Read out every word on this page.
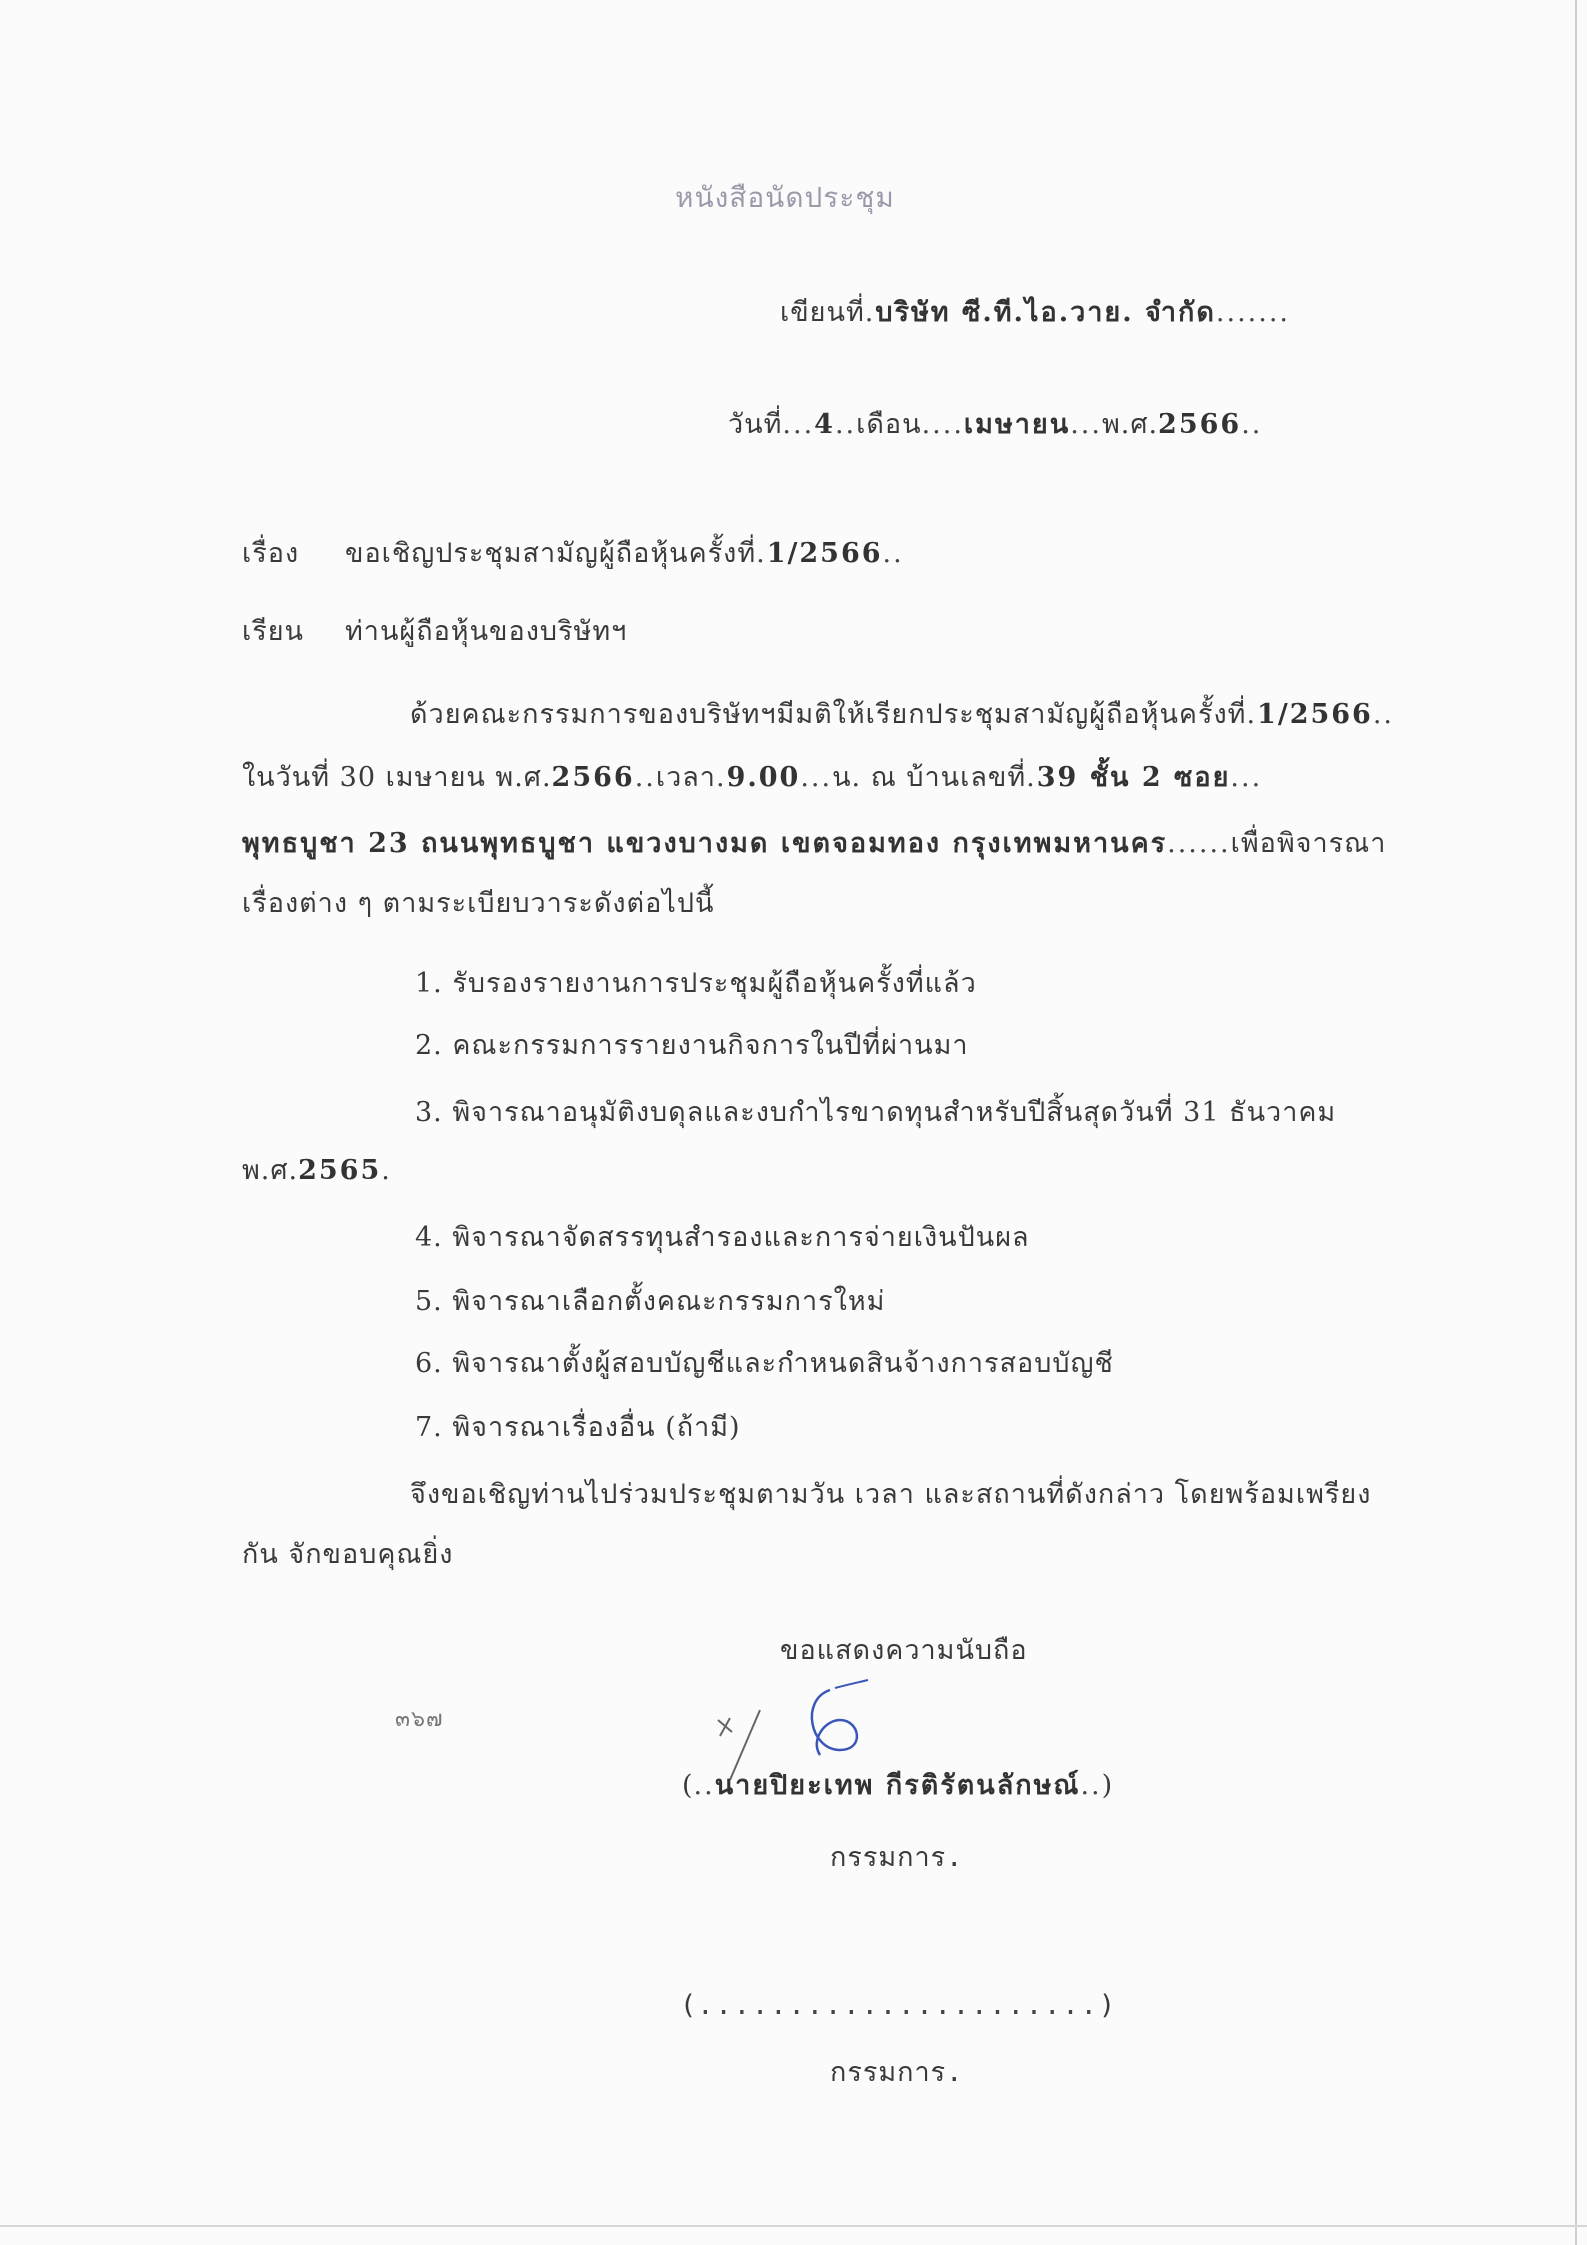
หนังสือนัดประชุม
เขียนที่.บริษัท ซี.ที.ไอ.วาย. จำกัด.......
วันที่...4..เดือน....เมษายน...พ.ศ.2566..
เรื่อง ขอเชิญประชุมสามัญผู้ถือหุ้นครั้งที่.1/2566..
เรียน ท่านผู้ถือหุ้นของบริษัทฯ
ด้วยคณะกรรมการของบริษัทฯมีมติให้เรียกประชุมสามัญผู้ถือหุ้นครั้งที่.1/2566..
ในวันที่ 30 เมษายน พ.ศ.2566..เวลา.9.00...น. ณ บ้านเลขที่.39 ชั้น 2 ซอย...
พุทธบูชา 23 ถนนพุทธบูชา แขวงบางมด เขตจอมทอง กรุงเทพมหานคร......เพื่อพิจารณา
เรื่องต่าง ๆ ตามระเบียบวาระดังต่อไปนี้
1. รับรองรายงานการประชุมผู้ถือหุ้นครั้งที่แล้ว
2. คณะกรรมการรายงานกิจการในปีที่ผ่านมา
3. พิจารณาอนุมัติงบดุลและงบกำไรขาดทุนสำหรับปีสิ้นสุดวันที่ 31 ธันวาคม
พ.ศ.2565.
4. พิจารณาจัดสรรทุนสำรองและการจ่ายเงินปันผล
5. พิจารณาเลือกตั้งคณะกรรมการใหม่
6. พิจารณาตั้งผู้สอบบัญชีและกำหนดสินจ้างการสอบบัญชี
7. พิจารณาเรื่องอื่น (ถ้ามี)
จึงขอเชิญท่านไปร่วมประชุมตามวัน เวลา และสถานที่ดังกล่าว โดยพร้อมเพรียง
กัน จักขอบคุณยิ่ง
ขอแสดงความนับถือ
๓๖๗
(..นายปิยะเทพ กีรติรัตนลักษณ์..)
กรรมการ.
(......................)
กรรมการ.
